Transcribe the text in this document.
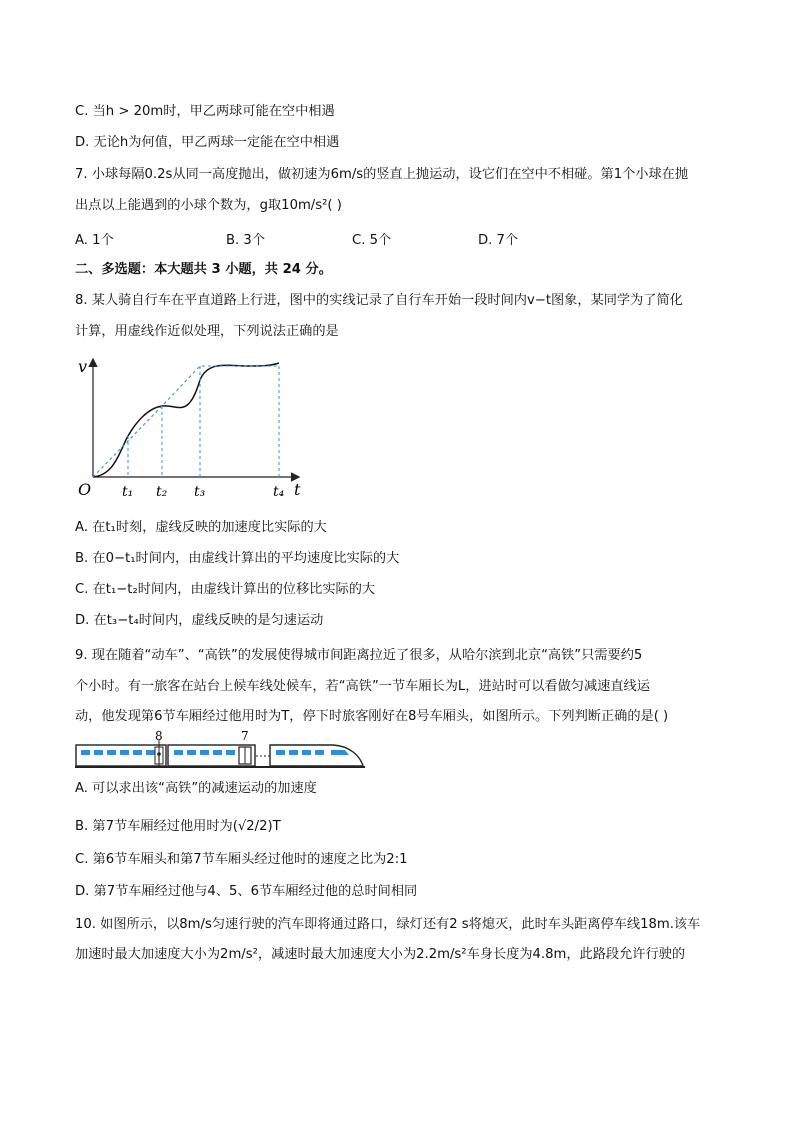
C. 当h > 20m时，甲乙两球可能在空中相遇
D. 无论h为何值，甲乙两球一定能在空中相遇
7. 小球每隔0.2s从同一高度抛出，做初速为6m/s的竖直上抛运动，设它们在空中不相碰。第1个小球在抛
出点以上能遇到的小球个数为，g取10m/s²( )
A. 1个	B. 3个	C. 5个	D. 7个
二、多选题：本大题共 3 小题，共 24 分。
8. 某人骑自行车在平直道路上行进，图中的实线记录了自行车开始一段时间内v−t图象，某同学为了简化
计算，用虚线作近似处理，下列说法正确的是
v
O	t
t₁ t₂ t₃	t₄
A. 在t₁时刻，虚线反映的加速度比实际的大
B. 在0−t₁时间内，由虚线计算出的平均速度比实际的大
C. 在t₁−t₂时间内，由虚线计算出的位移比实际的大
D. 在t₃−t₄时间内，虚线反映的是匀速运动
9. 现在随着“动车”、“高铁”的发展使得城市间距离拉近了很多，从哈尔滨到北京“高铁”只需要约5
个小时。有一旅客在站台上候车线处候车，若“高铁”一节车厢长为L，进站时可以看做匀减速直线运
动，他发现第6节车厢经过他用时为T，停下时旅客刚好在8号车厢头，如图所示。下列判断正确的是( )
8	7
A. 可以求出该“高铁”的减速运动的加速度
B. 第7节车厢经过他用时为(√2/2)T
C. 第6节车厢头和第7节车厢头经过他时的速度之比为2:1
D. 第7节车厢经过他与4、5、6节车厢经过他的总时间相同
10. 如图所示，以8m/s匀速行驶的汽车即将通过路口，绿灯还有2 s将熄灭，此时车头距离停车线18m.该车
加速时最大加速度大小为2m/s²，减速时最大加速度大小为2.2m/s²车身长度为4.8m，此路段允许行驶的
